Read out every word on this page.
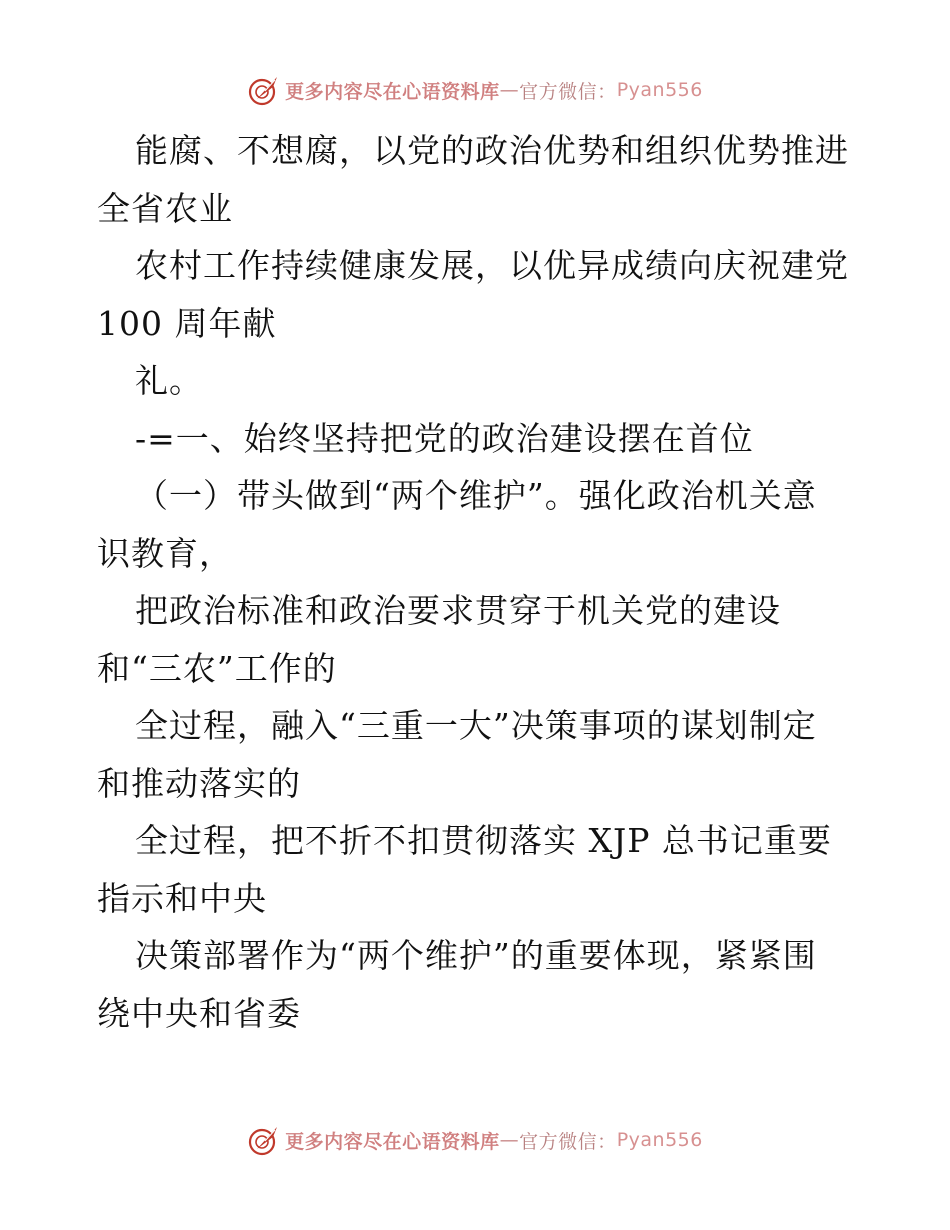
更多内容尽在心语资料库 — 官方微信： Pyan556
能腐、不想腐，以党的政治优势和组织优势推进
全省农业
农村工作持续健康发展，以优异成绩向庆祝建党
100 周年献
礼。
-=一、始终坚持把党的政治建设摆在首位
（一）带头做到“两个维护”。强化政治机关意
识教育，
把政治标准和政治要求贯穿于机关党的建设
和“三农”工作的
全过程，融入“三重一大”决策事项的谋划制定
和推动落实的
全过程，把不折不扣贯彻落实 XJP 总书记重要
指示和中央
决策部署作为“两个维护”的重要体现，紧紧围
绕中央和省委
更多内容尽在心语资料库 — 官方微信： Pyan556
